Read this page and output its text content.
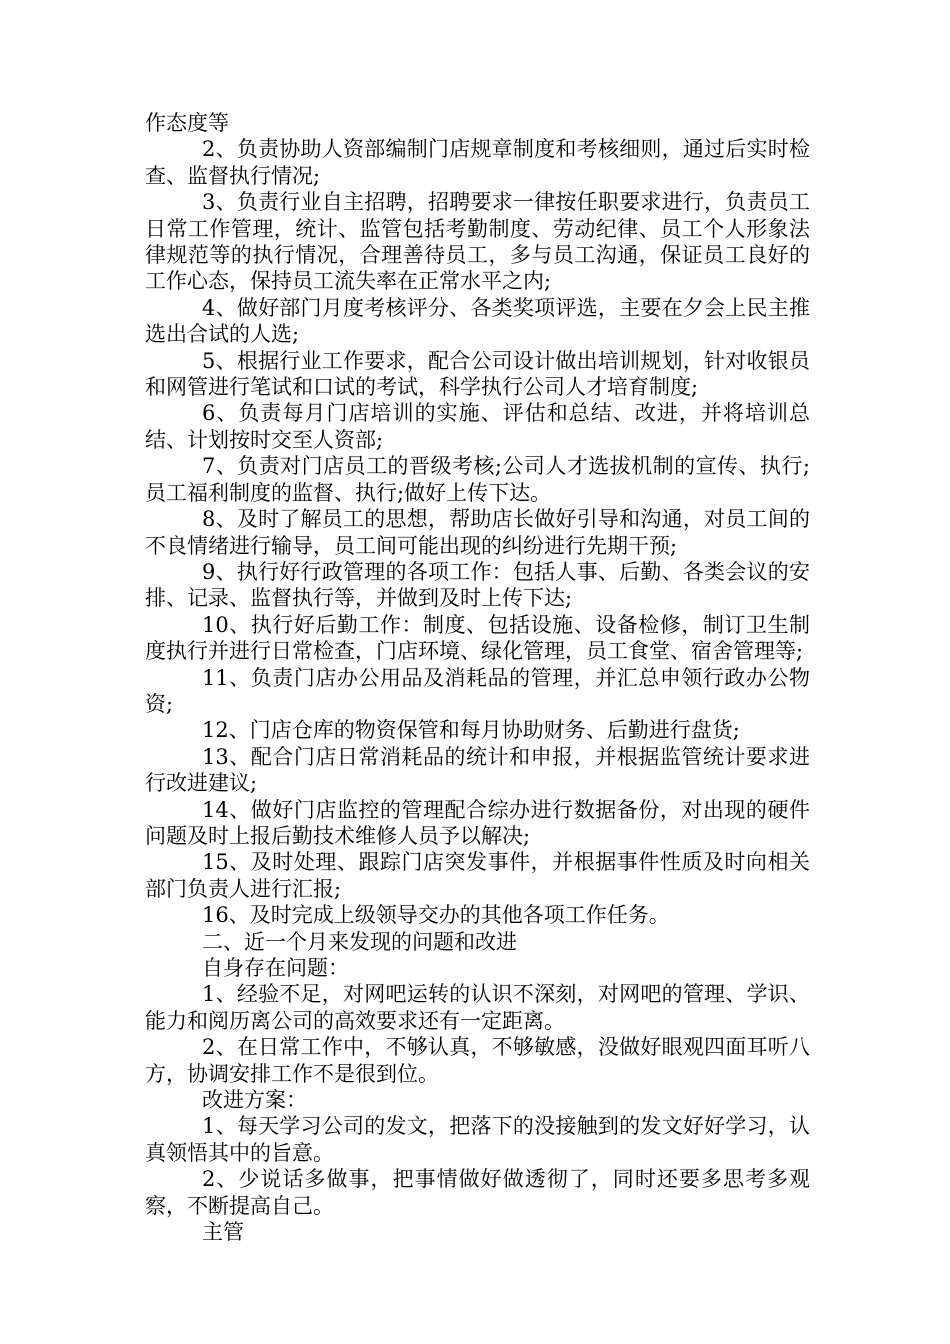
作态度等

2、负责协助人资部编制门店规章制度和考核细则，通过后实时检查、监督执行情况;

3、负责行业自主招聘，招聘要求一律按任职要求进行，负责员工日常工作管理，统计、监管包括考勤制度、劳动纪律、员工个人形象法律规范等的执行情况，合理善待员工，多与员工沟通，保证员工良好的工作心态，保持员工流失率在正常水平之内;

4、做好部门月度考核评分、各类奖项评选，主要在夕会上民主推选出合试的人选;

5、根据行业工作要求，配合公司设计做出培训规划，针对收银员和网管进行笔试和口试的考试，科学执行公司人才培育制度;

6、负责每月门店培训的实施、评估和总结、改进，并将培训总结、计划按时交至人资部;

7、负责对门店员工的晋级考核;公司人才选拔机制的宣传、执行;员工福利制度的监督、执行;做好上传下达。

8、及时了解员工的思想，帮助店长做好引导和沟通，对员工间的不良情绪进行输导，员工间可能出现的纠纷进行先期干预;

9、执行好行政管理的各项工作：包括人事、后勤、各类会议的安排、记录、监督执行等，并做到及时上传下达;

10、执行好后勤工作：制度、包括设施、设备检修，制订卫生制度执行并进行日常检查，门店环境、绿化管理，员工食堂、宿舍管理等;

11、负责门店办公用品及消耗品的管理，并汇总申领行政办公物资;

12、门店仓库的物资保管和每月协助财务、后勤进行盘货;

13、配合门店日常消耗品的统计和申报，并根据监管统计要求进行改进建议;

14、做好门店监控的管理配合综办进行数据备份，对出现的硬件问题及时上报后勤技术维修人员予以解决;

15、及时处理、跟踪门店突发事件，并根据事件性质及时向相关部门负责人进行汇报;

16、及时完成上级领导交办的其他各项工作任务。

二、近一个月来发现的问题和改进

自身存在问题：

1、经验不足，对网吧运转的认识不深刻，对网吧的管理、学识、能力和阅历离公司的高效要求还有一定距离。

2、在日常工作中，不够认真，不够敏感，没做好眼观四面耳听八方，协调安排工作不是很到位。

改进方案：

1、每天学习公司的发文，把落下的没接触到的发文好好学习，认真领悟其中的旨意。

2、少说话多做事，把事情做好做透彻了，同时还要多思考多观察，不断提高自己。

主管
